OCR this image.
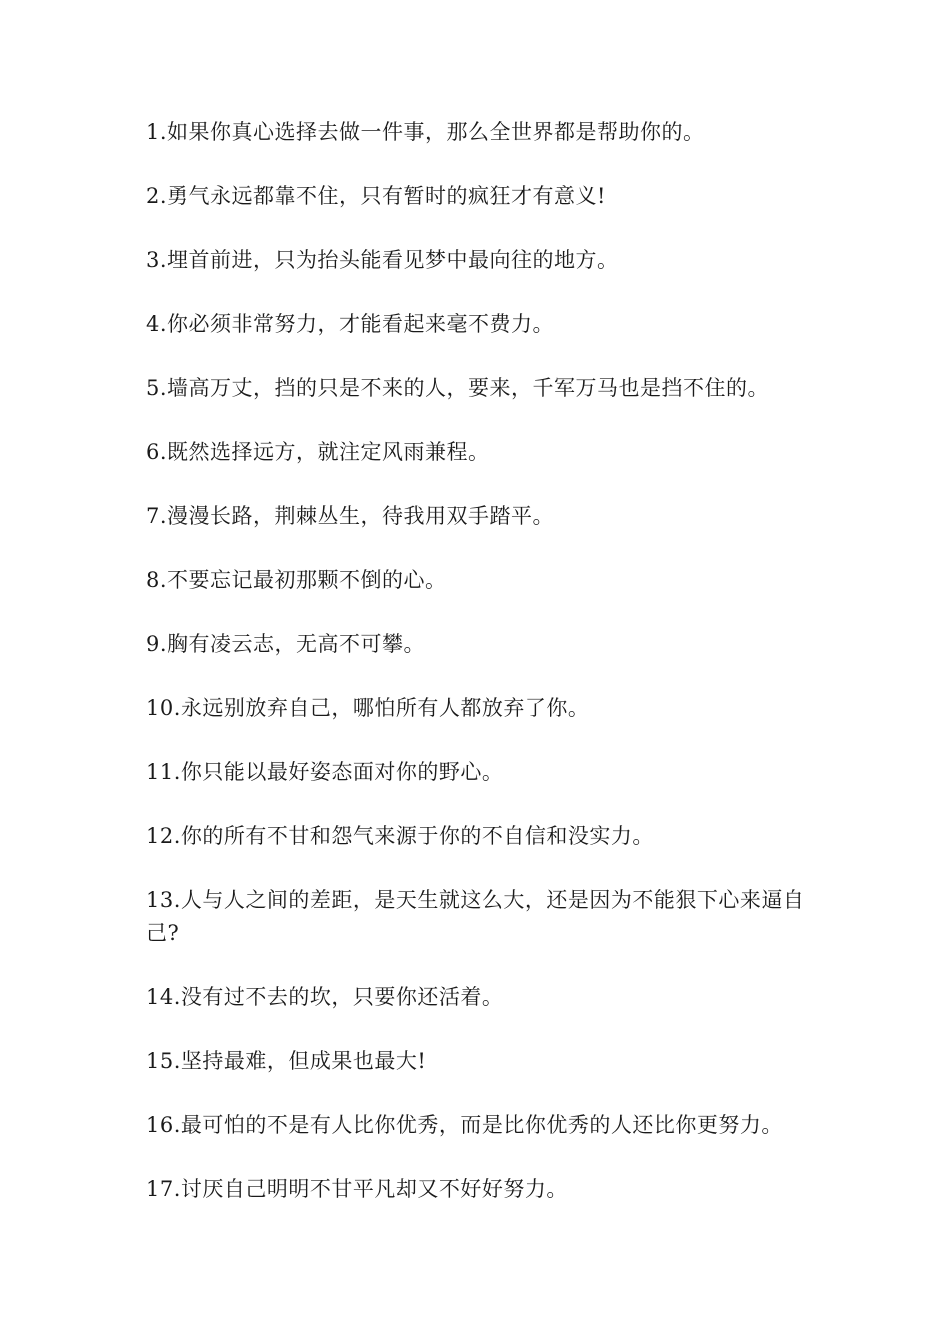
1.如果你真心选择去做一件事，那么全世界都是帮助你的。
2.勇气永远都靠不住，只有暂时的疯狂才有意义!
3.埋首前进，只为抬头能看见梦中最向往的地方。
4.你必须非常努力，才能看起来毫不费力。
5.墙高万丈，挡的只是不来的人，要来，千军万马也是挡不住的。
6.既然选择远方，就注定风雨兼程。
7.漫漫长路，荆棘丛生，待我用双手踏平。
8.不要忘记最初那颗不倒的心。
9.胸有凌云志，无高不可攀。
10.永远别放弃自己，哪怕所有人都放弃了你。
11.你只能以最好姿态面对你的野心。
12.你的所有不甘和怨气来源于你的不自信和没实力。
13.人与人之间的差距，是天生就这么大，还是因为不能狠下心来逼自己?
14.没有过不去的坎，只要你还活着。
15.坚持最难，但成果也最大!
16.最可怕的不是有人比你优秀，而是比你优秀的人还比你更努力。
17.讨厌自己明明不甘平凡却又不好好努力。
